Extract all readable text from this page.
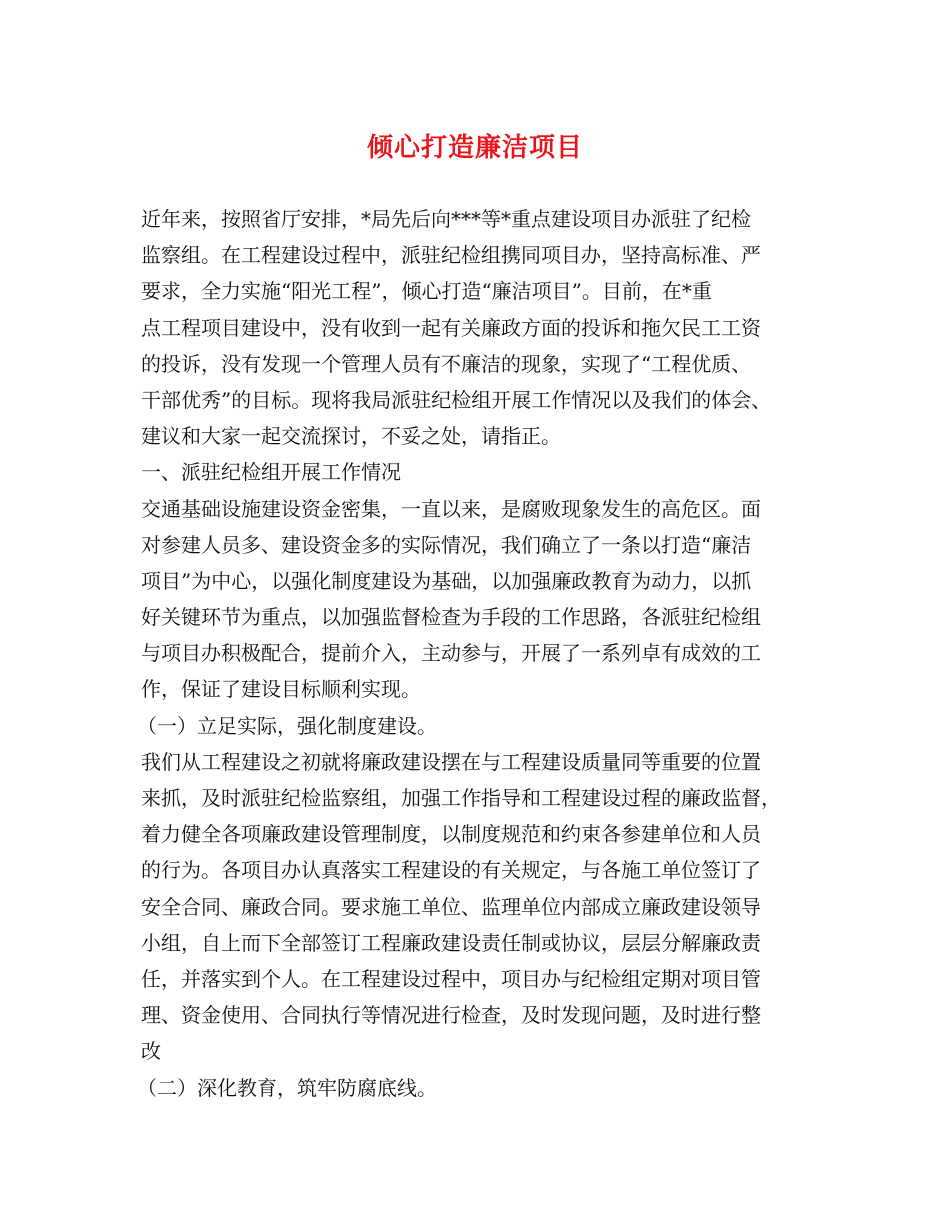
倾心打造廉洁项目
近年来，按照省厅安排，*局先后向***等*重点建设项目办派驻了纪检
监察组。在工程建设过程中，派驻纪检组携同项目办，坚持高标准、严
要求，全力实施“阳光工程”，倾心打造“廉洁项目”。目前，在*重
点工程项目建设中，没有收到一起有关廉政方面的投诉和拖欠民工工资
的投诉，没有发现一个管理人员有不廉洁的现象，实现了“工程优质、
干部优秀”的目标。现将我局派驻纪检组开展工作情况以及我们的体会、
建议和大家一起交流探讨，不妥之处，请指正。
一、派驻纪检组开展工作情况
交通基础设施建设资金密集，一直以来，是腐败现象发生的高危区。面
对参建人员多、建设资金多的实际情况，我们确立了一条以打造“廉洁
项目”为中心，以强化制度建设为基础，以加强廉政教育为动力，以抓
好关键环节为重点，以加强监督检查为手段的工作思路，各派驻纪检组
与项目办积极配合，提前介入，主动参与，开展了一系列卓有成效的工
作，保证了建设目标顺利实现。
（一）立足实际，强化制度建设。
我们从工程建设之初就将廉政建设摆在与工程建设质量同等重要的位置
来抓，及时派驻纪检监察组，加强工作指导和工程建设过程的廉政监督，
着力健全各项廉政建设管理制度，以制度规范和约束各参建单位和人员
的行为。各项目办认真落实工程建设的有关规定，与各施工单位签订了
安全合同、廉政合同。要求施工单位、监理单位内部成立廉政建设领导
小组，自上而下全部签订工程廉政建设责任制或协议，层层分解廉政责
任，并落实到个人。在工程建设过程中，项目办与纪检组定期对项目管
理、资金使用、合同执行等情况进行检查，及时发现问题，及时进行整
改
（二）深化教育，筑牢防腐底线。
